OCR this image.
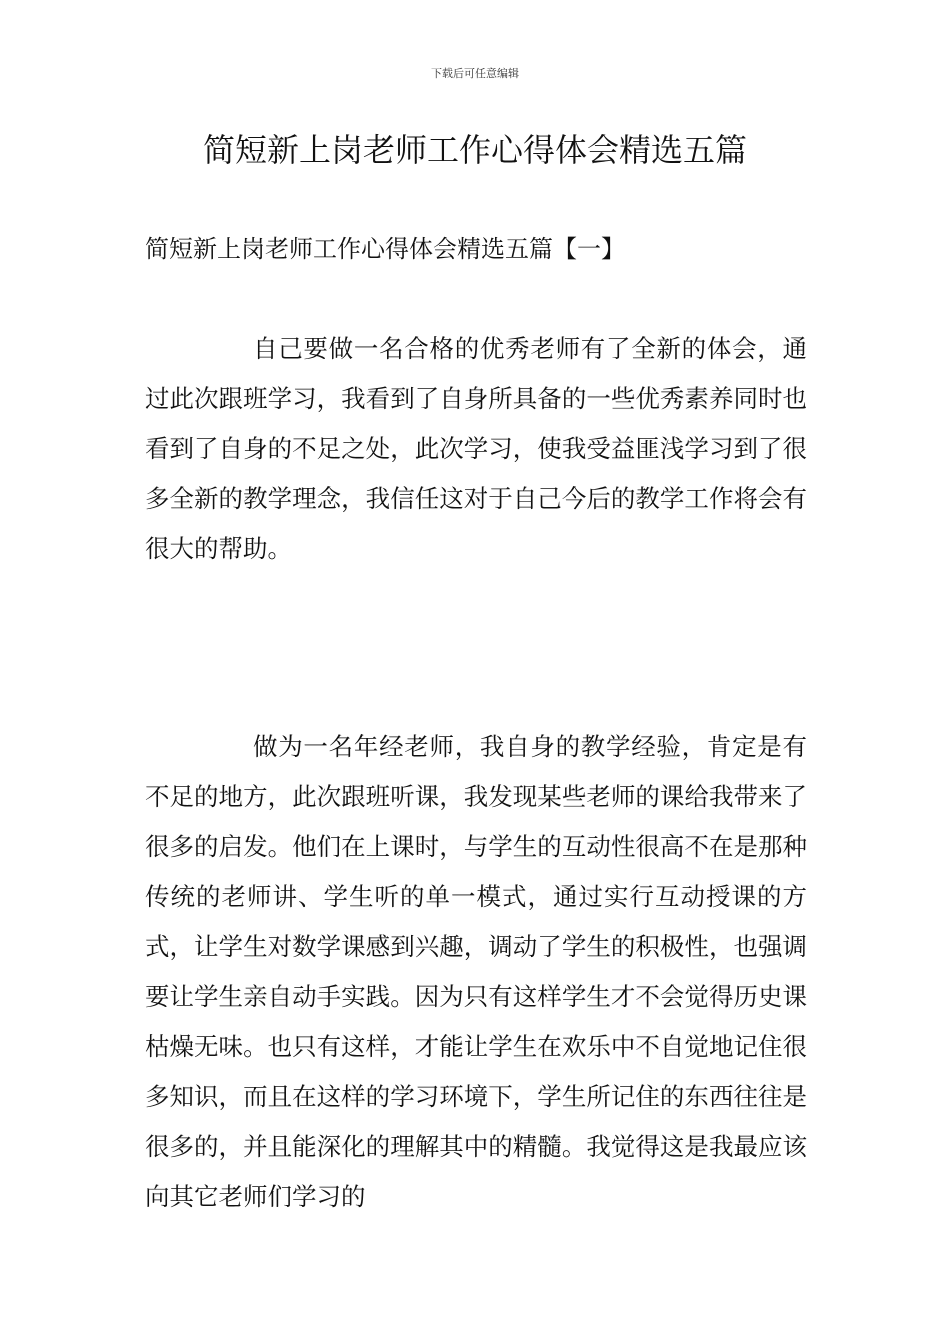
下载后可任意编辑
简短新上岗老师工作心得体会精选五篇
简短新上岗老师工作心得体会精选五篇【一】

自己要做一名合格的优秀老师有了全新的体会，通过此次跟班学习，我看到了自身所具备的一些优秀素养同时也看到了自身的不足之处，此次学习，使我受益匪浅学习到了很多全新的教学理念，我信任这对于自己今后的教学工作将会有很大的帮助。

做为一名年经老师，我自身的教学经验，肯定是有不足的地方，此次跟班听课，我发现某些老师的课给我带来了很多的启发。他们在上课时，与学生的互动性很高不在是那种传统的老师讲、学生听的单一模式，通过实行互动授课的方式，让学生对数学课感到兴趣，调动了学生的积极性，也强调要让学生亲自动手实践。因为只有这样学生才不会觉得历史课枯燥无味。也只有这样，才能让学生在欢乐中不自觉地记住很多知识，而且在这样的学习环境下，学生所记住的东西往往是很多的，并且能深化的理解其中的精髓。我觉得这是我最应该向其它老师们学习的
